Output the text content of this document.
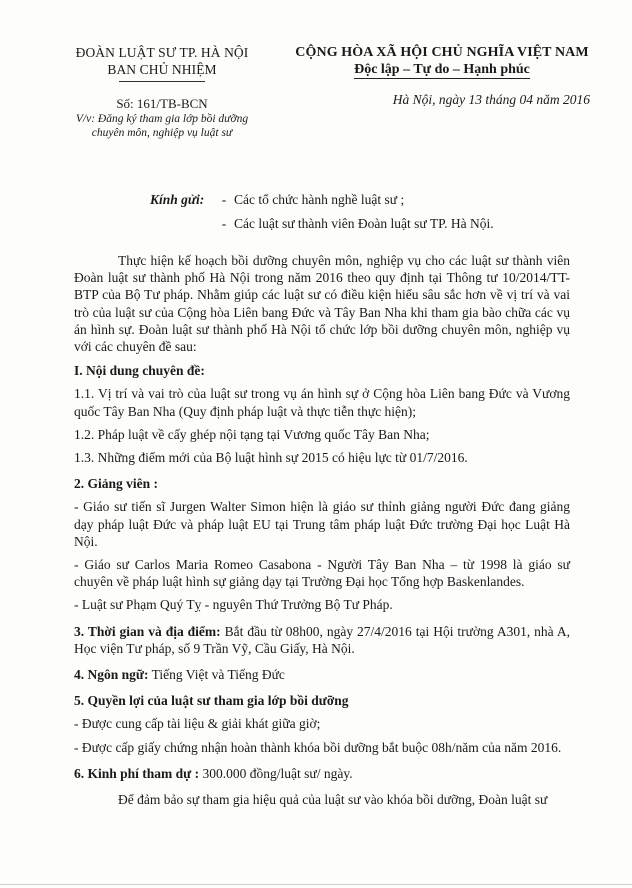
ĐOÀN LUẬT SƯ TP. HÀ NỘI
BAN CHỦ NHIỆM
Số: 161/TB-BCN
V/v: Đăng ký tham gia lớp bồi dưỡng chuyên môn, nghiệp vụ luật sư
CỘNG HÒA XÃ HỘI CHỦ NGHĨA VIỆT NAM
Độc lập – Tự do – Hạnh phúc
Hà Nội, ngày 13 tháng 04 năm 2016
Kính gửi: - Các tổ chức hành nghề luật sư ;
- Các luật sư thành viên Đoàn luật sư TP. Hà Nội.

Thực hiện kế hoạch bồi dưỡng chuyên môn, nghiệp vụ cho các luật sư thành viên Đoàn luật sư thành phố Hà Nội trong năm 2016 theo quy định tại Thông tư 10/2014/TT-BTP của Bộ Tư pháp. Nhằm giúp các luật sư có điều kiện hiểu sâu sắc hơn về vị trí và vai trò của luật sư của Cộng hòa Liên bang Đức và Tây Ban Nha khi tham gia bào chữa các vụ án hình sự. Đoàn luật sư thành phố Hà Nội tổ chức lớp bồi dưỡng chuyên môn, nghiệp vụ với các chuyên đề sau:

I. Nội dung chuyên đề:

1.1. Vị trí và vai trò của luật sư trong vụ án hình sự ở Cộng hòa Liên bang Đức và Vương quốc Tây Ban Nha (Quy định pháp luật và thực tiễn thực hiện);

1.2. Pháp luật về cấy ghép nội tạng tại Vương quốc Tây Ban Nha;

1.3. Những điểm mới của Bộ luật hình sự 2015 có hiệu lực từ 01/7/2016.

2. Giảng viên :

- Giáo sư tiến sĩ Jurgen Walter Simon hiện là giáo sư thỉnh giảng người Đức đang giảng dạy pháp luật Đức và pháp luật EU tại Trung tâm pháp luật Đức trường Đại học Luật Hà Nội.

- Giáo sư Carlos Maria Romeo Casabona - Người Tây Ban Nha – từ 1998 là giáo sư chuyên về pháp luật hình sự giảng dạy tại Trường Đại học Tổng hợp Baskenlandes.

- Luật sư Phạm Quý Tỵ - nguyên Thứ Trưởng Bộ Tư Pháp.

3. Thời gian và địa điểm: Bắt đầu từ 08h00, ngày 27/4/2016 tại Hội trường A301, nhà A, Học viện Tư pháp, số 9 Trần Vỹ, Cầu Giấy, Hà Nội.

4. Ngôn ngữ: Tiếng Việt và Tiếng Đức

5. Quyền lợi của luật sư tham gia lớp bồi dưỡng

- Được cung cấp tài liệu & giải khát giữa giờ;

- Được cấp giấy chứng nhận hoàn thành khóa bồi dưỡng bắt buộc 08h/năm của năm 2016.

6. Kinh phí tham dự : 300.000 đồng/luật sư/ ngày.

Để đảm bảo sự tham gia hiệu quả của luật sư vào khóa bồi dưỡng, Đoàn luật sư
